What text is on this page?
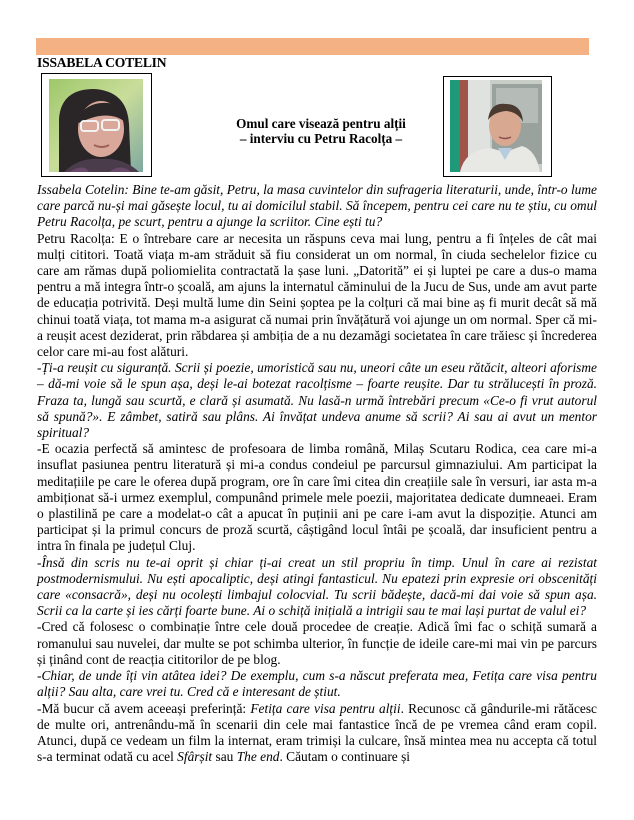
ISSABELA COTELIN
Omul care visează pentru alții
– interviu cu Petru Racolța –

Issabela Cotelin: Bine te-am găsit, Petru, la masa cuvintelor din sufrageria literaturii, unde, într-o lume care parcă nu-și mai găsește locul, tu ai domicilul stabil. Să începem, pentru cei care nu te știu, cu omul Petru Racolța, pe scurt, pentru a ajunge la scriitor. Cine ești tu?

Petru Racolța: E o întrebare care ar necesita un răspuns ceva mai lung, pentru a fi înțeles de cât mai mulți cititori. Toată viața m-am străduit să fiu considerat un om normal, în ciuda sechelelor fizice cu care am rămas după poliomielita contractată la șase luni. „Datorită” ei și luptei pe care a dus-o mama pentru a mă integra într-o școală, am ajuns la internatul căminului de la Jucu de Sus, unde am avut parte de educația potrivită. Deși multă lume din Seini șoptea pe la colțuri că mai bine aș fi murit decât să mă chinui toată viața, tot mama m-a asigurat că numai prin învățătură voi ajunge un om normal. Sper că mi-a reușit acest deziderat, prin răbdarea și ambiția de a nu dezamăgi societatea în care trăiesc și încrederea celor care mi-au fost alături.

-Ți-a reușit cu siguranță. Scrii și poezie, umoristică sau nu, uneori câte un eseu rătăcit, alteori aforisme – dă-mi voie să le spun așa, deși le-ai botezat racolțisme – foarte reușite. Dar tu strălucești în proză. Fraza ta, lungă sau scurtă, e clară și asumată. Nu lasă-n urmă întrebări precum «Ce-o fi vrut autorul să spună?». E zâmbet, satiră sau plâns. Ai învățat undeva anume să scrii? Ai sau ai avut un mentor spiritual?

-E ocazia perfectă să amintesc de profesoara de limba română, Milaș Scutaru Rodica, cea care mi-a insuflat pasiunea pentru literatură și mi-a condus condeiul pe parcursul gimnaziului. Am participat la meditațiile pe care le oferea după program, ore în care îmi citea din creațiile sale în versuri, iar asta m-a ambiționat să-i urmez exemplul, compunând primele mele poezii, majoritatea dedicate dumneaei. Eram o plastilină pe care a modelat-o cât a apucat în puținii ani pe care i-am avut la dispoziție. Atunci am participat și la primul concurs de proză scurtă, câștigând locul întâi pe școală, dar insuficient pentru a intra în finala pe județul Cluj.

-Însă din scris nu te-ai oprit și chiar ți-ai creat un stil propriu în timp. Unul în care ai rezistat postmodernismului. Nu ești apocaliptic, deși atingi fantasticul. Nu epatezi prin expresie ori obscenități care «consacră», deși nu ocolești limbajul colocvial. Tu scrii bădește, dacă-mi dai voie să spun așa. Scrii ca la carte și ies cărți foarte bune. Ai o schiță inițială a intrigii sau te mai lași purtat de valul ei?

-Cred că folosesc o combinație între cele două procedee de creație. Adică îmi fac o schiță sumară a romanului sau nuvelei, dar multe se pot schimba ulterior, în funcție de ideile care-mi mai vin pe parcurs și ținând cont de reacția cititorilor de pe blog.

-Chiar, de unde îți vin atâtea idei? De exemplu, cum s-a născut preferata mea, Fetița care visa pentru alții? Sau alta, care vrei tu. Cred că e interesant de știut.

-Mă bucur că avem aceeași preferință: Fetița care visa pentru alții. Recunosc că gândurile-mi rătăcesc de multe ori, antrenându-mă în scenarii din cele mai fantastice încă de pe vremea când eram copil. Atunci, după ce vedeam un film la internat, eram trimiși la culcare, însă mintea mea nu accepta că totul s-a terminat odată cu acel Sfârșit sau The end. Căutam o continuare și
